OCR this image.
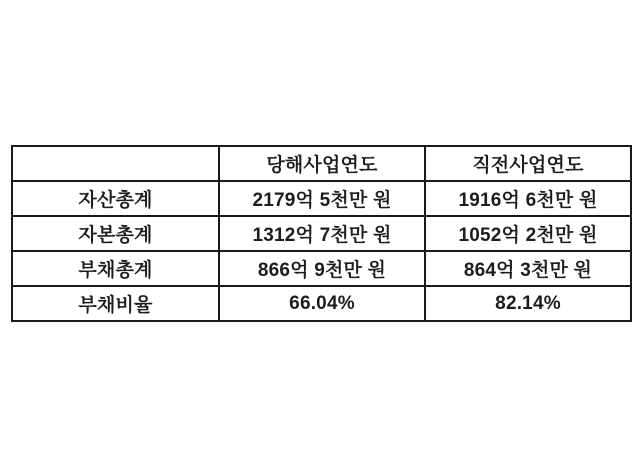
	당해사업연도	직전사업연도
자산총계	2179억 5천만 원	1916억 6천만 원
자본총계	1312억 7천만 원	1052억 2천만 원
부채총계	866억 9천만 원	864억 3천만 원
부채비율	66.04%	82.14%
